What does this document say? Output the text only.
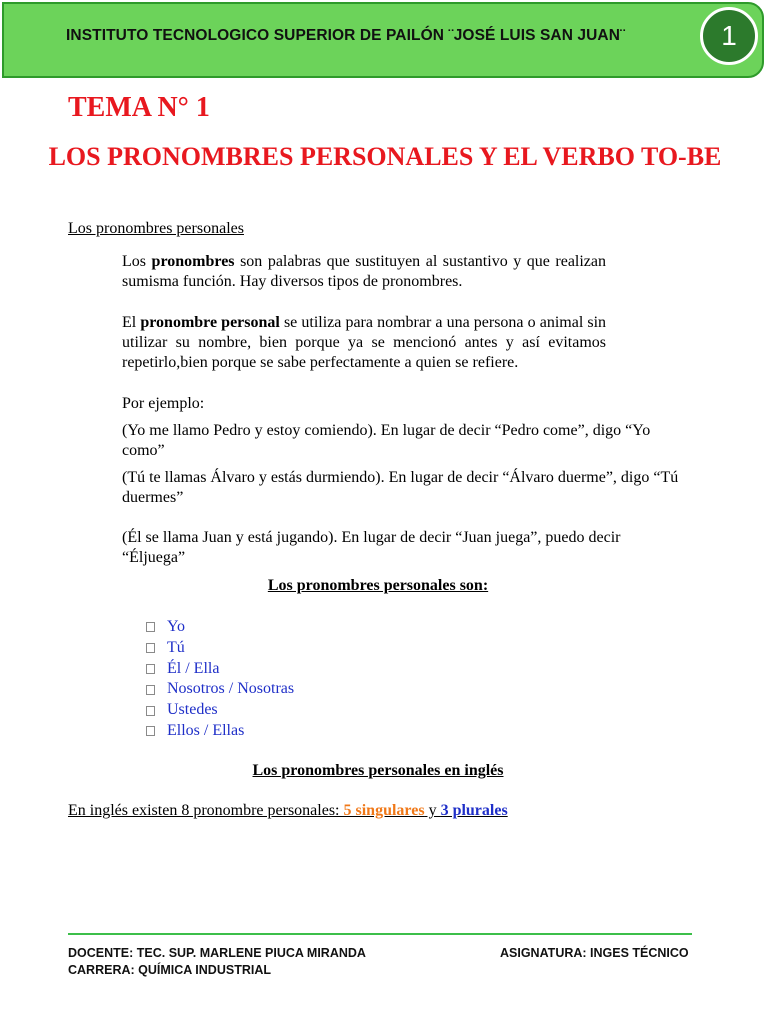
INSTITUTO TECNOLOGICO SUPERIOR DE PAILÓN ¨JOSÉ LUIS SAN JUAN¨	1
TEMA N° 1
LOS PRONOMBRES PERSONALES Y EL VERBO TO-BE
Los pronombres personales
Los pronombres son palabras que sustituyen al sustantivo y que realizan sumisma función. Hay diversos tipos de pronombres.
El pronombre personal se utiliza para nombrar a una persona o animal sin utilizar su nombre, bien porque ya se mencionó antes y así evitamos repetirlo,bien porque se sabe perfectamente a quien se refiere.
Por ejemplo:
(Yo me llamo Pedro y estoy comiendo). En lugar de decir “Pedro come”, digo “Yo como”
(Tú te llamas Álvaro y estás durmiendo). En lugar de decir “Álvaro duerme”, digo “Tú duermes”
(Él se llama Juan y está jugando). En lugar de decir “Juan juega”, puedo decir “Éljuega”
Los pronombres personales son:
Yo
Tú
Él / Ella
Nosotros / Nosotras
Ustedes
Ellos / Ellas
Los pronombres personales en inglés
En inglés existen 8 pronombre personales: 5 singulares y 3 plurales
DOCENTE: TEC. SUP. MARLENE PIUCA MIRANDA
CARRERA: QUÍMICA INDUSTRIAL
ASIGNATURA: INGES TÉCNICO
